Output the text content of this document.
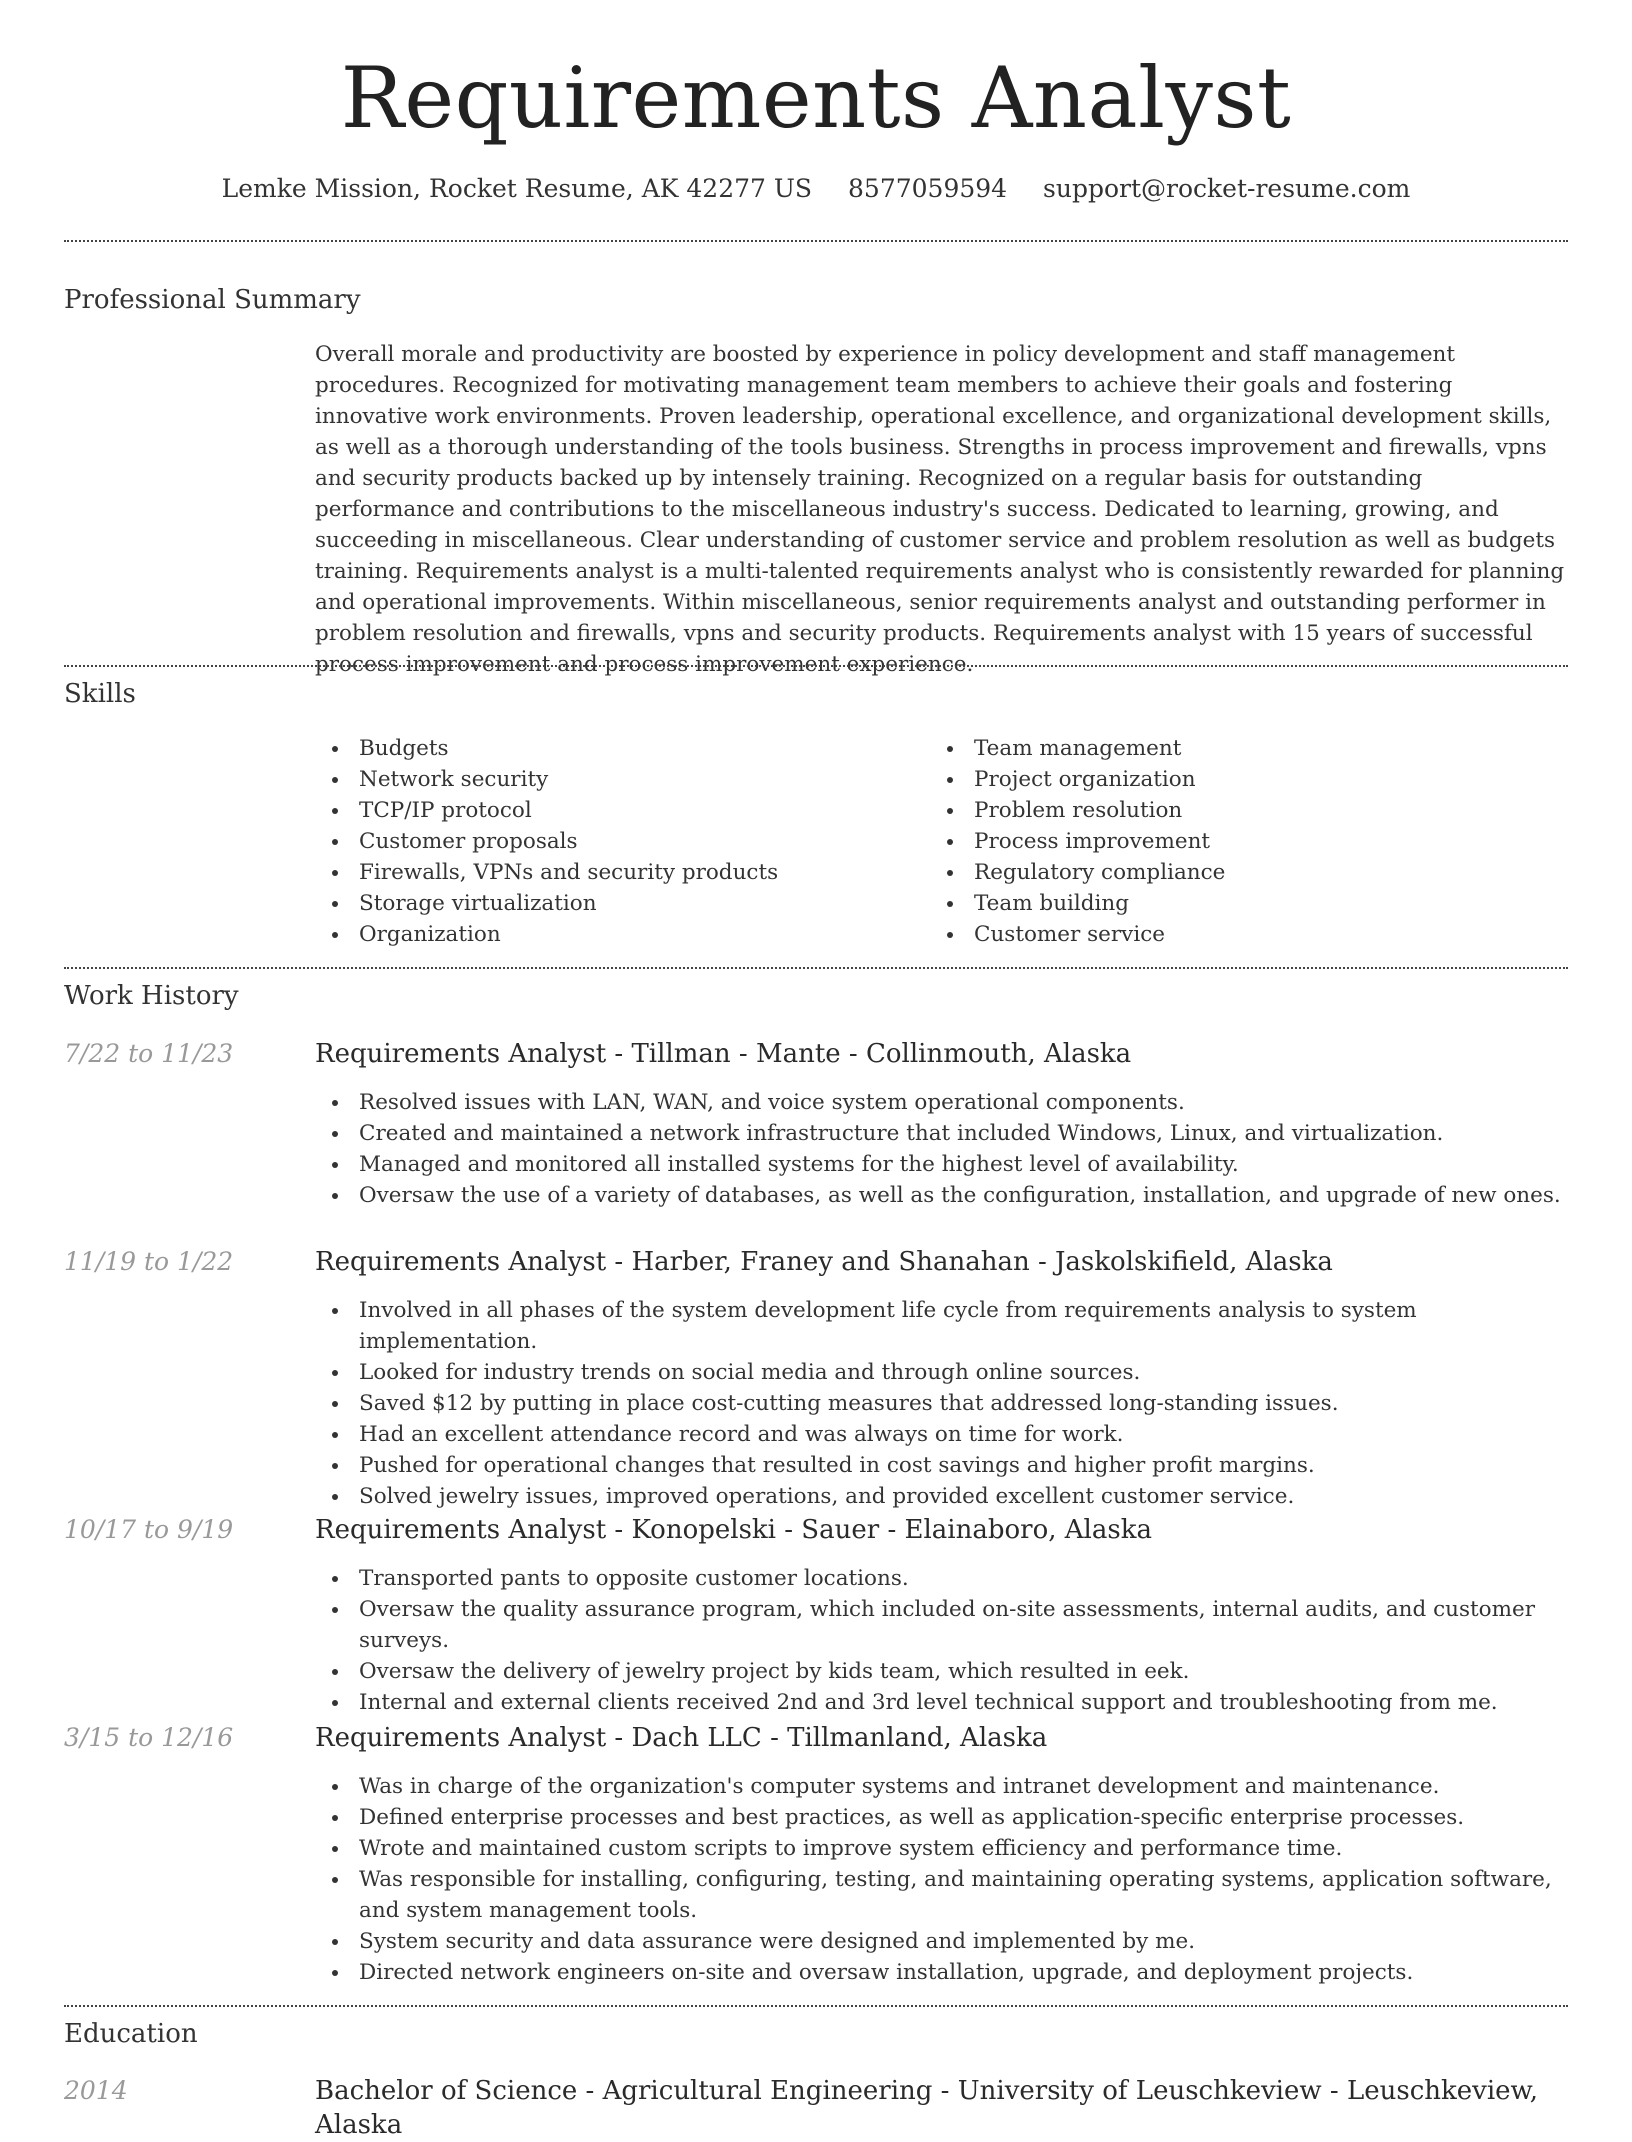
Requirements Analyst
Lemke Mission, Rocket Resume, AK 42277 US 8577059594 support@rocket-resume.com
Professional Summary

Overall morale and productivity are boosted by experience in policy development and staff management procedures. Recognized for motivating management team members to achieve their goals and fostering innovative work environments. Proven leadership, operational excellence, and organizational development skills, as well as a thorough understanding of the tools business. Strengths in process improvement and firewalls, vpns and security products backed up by intensely training. Recognized on a regular basis for outstanding performance and contributions to the miscellaneous industry's success. Dedicated to learning, growing, and succeeding in miscellaneous. Clear understanding of customer service and problem resolution as well as budgets training. Requirements analyst is a multi-talented requirements analyst who is consistently rewarded for planning and operational improvements. Within miscellaneous, senior requirements analyst and outstanding performer in problem resolution and firewalls, vpns and security products. Requirements analyst with 15 years of successful process improvement and process improvement experience.

Skills
Budgets
Network security
TCP/IP protocol
Customer proposals
Firewalls, VPNs and security products
Storage virtualization
Organization
Team management
Project organization
Problem resolution
Process improvement
Regulatory compliance
Team building
Customer service
Work History
7/22 to 11/23	Requirements Analyst - Tillman - Mante - Collinmouth, Alaska
Resolved issues with LAN, WAN, and voice system operational components.
Created and maintained a network infrastructure that included Windows, Linux, and virtualization.
Managed and monitored all installed systems for the highest level of availability.
Oversaw the use of a variety of databases, as well as the configuration, installation, and upgrade of new ones.
11/19 to 1/22	Requirements Analyst - Harber, Franey and Shanahan - Jaskolskifield, Alaska
Involved in all phases of the system development life cycle from requirements analysis to system implementation.
Looked for industry trends on social media and through online sources.
Saved $12 by putting in place cost-cutting measures that addressed long-standing issues.
Had an excellent attendance record and was always on time for work.
Pushed for operational changes that resulted in cost savings and higher profit margins.
Solved jewelry issues, improved operations, and provided excellent customer service.
10/17 to 9/19	Requirements Analyst - Konopelski - Sauer - Elainaboro, Alaska
Transported pants to opposite customer locations.
Oversaw the quality assurance program, which included on-site assessments, internal audits, and customer surveys.
Oversaw the delivery of jewelry project by kids team, which resulted in eek.
Internal and external clients received 2nd and 3rd level technical support and troubleshooting from me.
3/15 to 12/16	Requirements Analyst - Dach LLC - Tillmanland, Alaska
Was in charge of the organization's computer systems and intranet development and maintenance.
Defined enterprise processes and best practices, as well as application-specific enterprise processes.
Wrote and maintained custom scripts to improve system efficiency and performance time.
Was responsible for installing, configuring, testing, and maintaining operating systems, application software, and system management tools.
System security and data assurance were designed and implemented by me.
Directed network engineers on-site and oversaw installation, upgrade, and deployment projects.
Education
2014	Bachelor of Science - Agricultural Engineering - University of Leuschkeview - Leuschkeview, Alaska
